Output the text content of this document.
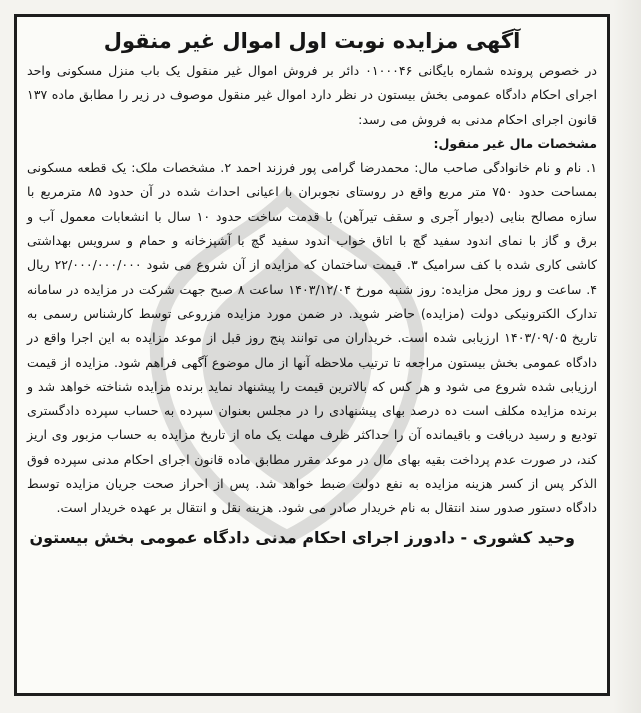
آگهی مزایده نوبت اول اموال غیر منقول

در خصوص پرونده شماره بایگانی ۰۱۰۰۰۴۶ دائر بر فروش اموال غیر منقول یک باب منزل مسکونی واحد اجرای احکام دادگاه عمومی بخش بیستون در نظر دارد اموال غیر منقول موصوف در زیر را مطابق ماده ۱۳۷ قانون اجرای احکام مدنی به فروش می رسد:

مشخصات مال غیر منقول:

۱. نام و نام خانوادگی صاحب مال: محمدرضا گرامی پور فرزند احمد ۲. مشخصات ملک: یک قطعه مسکونی بمساحت حدود ۷۵۰ متر مربع واقع در روستای نجوبران با اعیانی احداث شده در آن حدود ۸۵ مترمربع با سازه مصالح بنایی (دیوار آجری و سقف تیرآهن) با قدمت ساخت حدود ۱۰ سال با انشعابات معمول آب و برق و گاز با نمای اندود سفید گچ با اتاق خواب اندود سفید گچ با آشپزخانه و حمام و سرویس بهداشتی کاشی کاری شده با کف سرامیک ۳. قیمت ساختمان که مزایده از آن شروع می شود ۲۲/۰۰۰/۰۰۰/۰۰۰ ریال ۴. ساعت و روز محل مزایده: روز شنبه مورخ ۱۴۰۳/۱۲/۰۴ ساعت ۸ صبح جهت شرکت در مزایده در سامانه تدارک الکترونیکی دولت (مزایده) حاضر شوید. در ضمن مورد مزایده مزروعی توسط کارشناس رسمی به تاریخ ۱۴۰۳/۰۹/۰۵ ارزیابی شده است. خریداران می توانند پنج روز قبل از موعد مزایده به این اجرا واقع در دادگاه عمومی بخش بیستون مراجعه تا ترتیب ملاحظه آنها از مال موضوع آگهی فراهم شود. مزایده از قیمت ارزیابی شده شروع می شود و هر کس که بالاترین قیمت را پیشنهاد نماید برنده مزایده شناخته خواهد شد و برنده مزایده مکلف است ده درصد بهای پیشنهادی را در مجلس بعنوان سپرده به حساب سپرده دادگستری تودیع و رسید دریافت و باقیمانده آن را حداکثر ظرف مهلت یک ماه از تاریخ مزایده به حساب مزبور وی اریز کند، در صورت عدم پرداخت بقیه بهای مال در موعد مقرر مطابق ماده قانون اجرای احکام مدنی سپرده فوق الذکر پس از کسر هزینه مزایده به نفع دولت ضبط خواهد شد. پس از احراز صحت جریان مزایده توسط دادگاه دستور صدور سند انتقال به نام خریدار صادر می شود. هزینه نقل و انتقال بر عهده خریدار است.

وحید کشوری - دادورز اجرای احکام مدنی دادگاه عمومی بخش بیستون
